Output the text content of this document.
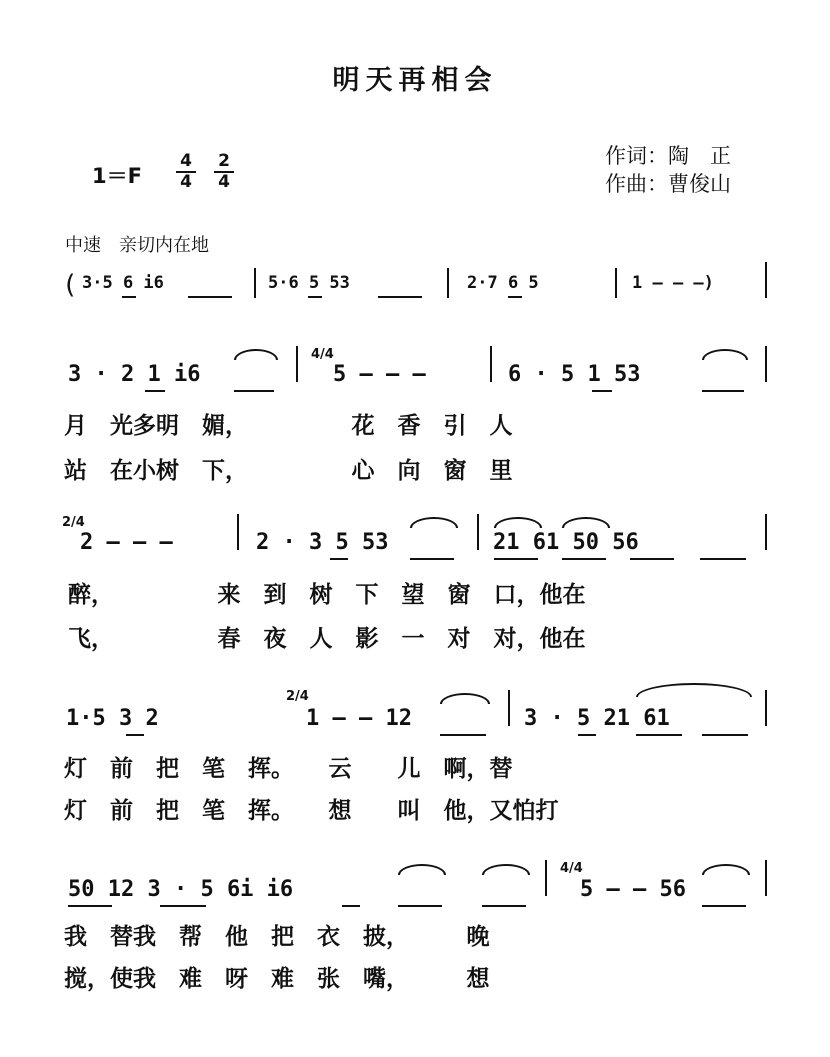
明天再相会
作词：陶　正
作曲：曹俊山
1＝F
4
4
2
4
中速　亲切内在地
( 3·5 6 i6	5·6 5 53	2·7 6 5	1 – – –)
3 · 2 1 i6
4/4
5 – – –	6 · 5 1 53
月　光多明　媚，　　　　　花　香　引　人
站　在小树　下，　　　　　心　向　窗　里
2/4
2 – – –	2 · 3 5 53	21 61 50 56
醉，　　　　　来　到　树　下　望　窗　口，他在
飞，　　　　　春　夜　人　影　一　对　对，他在
1·5 3 2
2/4
1 – – 12	3 · 5 21 61
灯　前　把　笔　挥。　　云　　儿　啊，替
灯　前　把　笔　挥。　　想　　叫　他，又怕打
50 12 3 · 5 6i i6
4/4
5 – – 56
我　替我　帮　他　把　衣　披，　　　晚
搅，使我　难　呀　难　张　嘴，　　　想
